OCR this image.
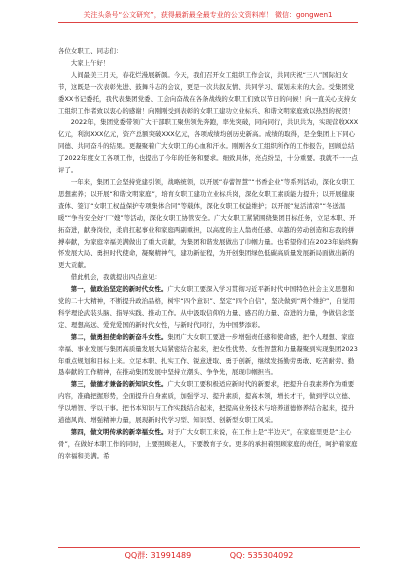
关注头条号“公文研究”，获得最新最全最专业的公文资料库！ 微信：gongwen1

各位女职工、同志们：

大家上午好！

人间最美三月天，春花烂漫展新颜。今天，我们召开女工组织工作会议，共同庆祝“三八”国际妇女节，这既是一次表彰先进、鼓舞斗志的会议，更是一次共叙友情、共同学习、谋划未来的大会。受集团党委XX书记委托，我代表集团党委、工会向奋战在各条战线的女职工们致以节日的问候！向一直关心支持女工组织工作者致以衷心的感谢！向刚刚受到表彰的女职工建功立业标兵、和谐文明家庭致以热烈的祝贺！

2022年，集团党委带领广大干部职工聚焦领先奔跑，率先突破，同向同行，共识共为，实现营收XXX亿元，利润XXX亿元，资产总额突破XXX亿元，各项成绩均创历史新高。成绩的取得，是全集团上下同心同德、共同奋斗的结果。更凝聚着广大女职工的心血和汗水。刚刚各女工组织所作的工作报告，回顾总结了2022年度女工各项工作，也提出了今年的任务和要求。细致具体，亮点纷呈，十分重要。我就不一一点评了。

一年来，集团工会坚持党建引领，战略统领，以开展“春蕾智慧”“书香企业”等系列活动，深化女职工思想素养；以开展“和谐文明家庭”，培育女职工建功立业标兵岗，深化女职工素质能力提升；以开展健康查体、签订“女职工权益保护专项集体合同”等载体，深化女职工权益维护；以开展“复活清凉”“冬送温暖”“争当安全好‘厂’嫂”等活动，深化女职工协管安全。广大女职工紧紧围绕集团目标任务，立足本职、开拓奋进，献身岗位，柔肩扛起事业和家庭两副重担，以高度的主人翁责任感、卓越的劳动创造和忘我的拼搏奉献，为家庭幸福美满做出了重大贡献，为集团和谐发展做出了巾帼力量。也希望你们在2023年始终胸怀发展大局、勇担时代使命，凝聚精神气，建功新征程，为开创集团绿色低碳高质量发展新局面做出新的更大贡献。

借此机会，我就提出四点意见：

第一，做政治坚定的新时代女性。广大女职工要深入学习贯彻习近平新时代中国特色社会主义思想和党的二十大精神，不断提升政治品格，树牢“四个意识”、坚定“四个自信”，坚决做到“两个维护”，自觉用科学理论武装头脑、指导实践、推动工作。从中汲取信仰的力量、感召的力量、奋进的力量，争做信念坚定、理想高远、爱党爱国的新时代女性，与新时代同行，为中国梦添彩。

第二，做勇担使命的新奋斗女性。集团广大女职工要进一步增强责任感和使命感，把个人理想、家庭幸福、事业发展与集团高质量发展大局紧密结合起来，把女性优势、女性智慧和力量凝聚到实现集团2023年重点规划和目标上来。立足本职、扎实工作、锐意进取、勇于创新，继续发扬勤劳勇敢、吃苦耐劳、勤恳奉献的工作精神，在推动集团发展中坚持立潮头、争争先，展现巾帼担当。

第三，做德才兼备的新知识女性。广大女职工要积极适应新时代的新要求，把提升自我素养作为重要内容，准确把握形势，全面提升自身素质，加强学习、提升素质，提高本领，增长才干，做到学以立德、学以增智、学以干事。把书本知识与工作实践结合起来，把提高业务技术与培养道德修养结合起来，提升道德风尚、增强精神力量，展现新时代学习型、知识型、创新型女职工风采。

第四，做文明传承的新幸福女性。对于广大女职工来说，在工作上是“半边天”，在家庭里更是“主心骨”，在做好本职工作的同时，上要照顾老人，下要教育子女。更多的承担着照顾家庭的责任，呵护着家庭的幸福和美满。希

QQ群: 31991489	QQ: 535304092
